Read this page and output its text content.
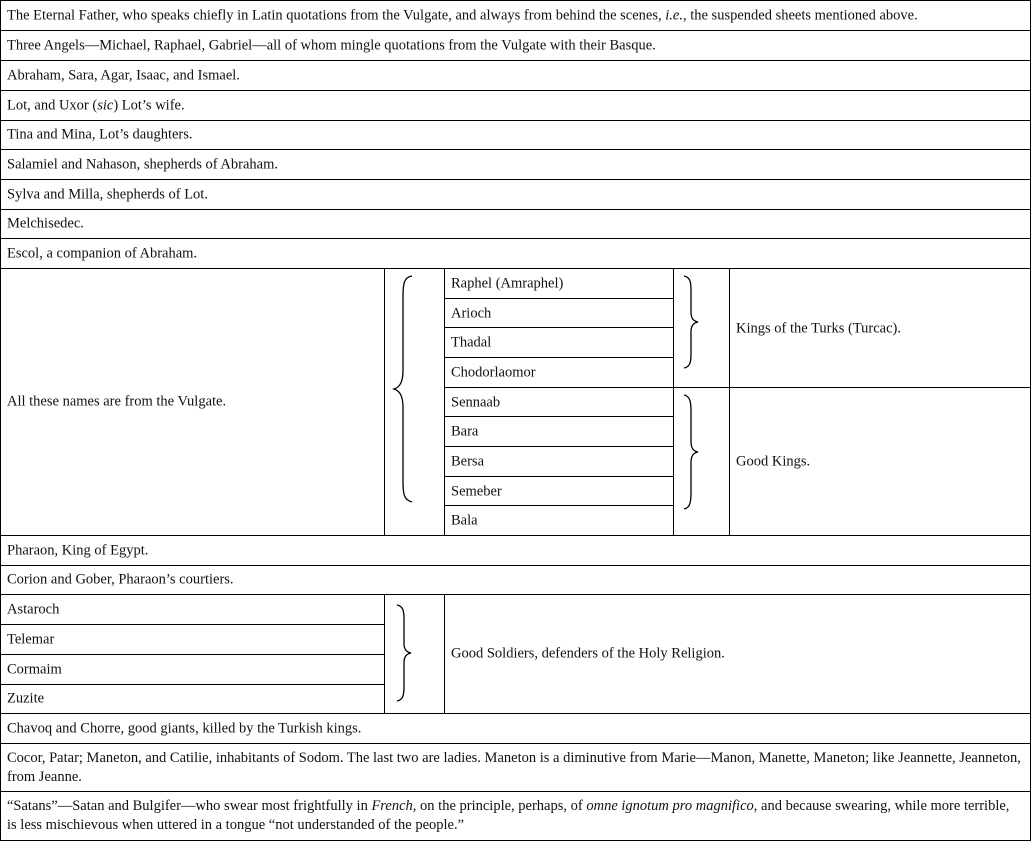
The Eternal Father, who speaks chiefly in Latin quotations from the Vulgate, and always from behind the scenes, i.e., the suspended sheets mentioned above.
Three Angels—Michael, Raphael, Gabriel—all of whom mingle quotations from the Vulgate with their Basque.
Abraham, Sara, Agar, Isaac, and Ismael.
Lot, and Uxor (sic) Lot’s wife.
Tina and Mina, Lot’s daughters.
Salamiel and Nahason, shepherds of Abraham.
Sylva and Milla, shepherds of Lot.
Melchisedec.
Escol, a companion of Abraham.
All these names are from the Vulgate.
Raphel (Amraphel)
Arioch
Thadal
Chodorlaomor
Sennaab
Bara
Bersa
Semeber
Bala
Kings of the Turks (Turcac).
Good Kings.
Pharaon, King of Egypt.
Corion and Gober, Pharaon’s courtiers.
Astaroch
Telemar
Cormaim
Zuzite
Good Soldiers, defenders of the Holy Religion.
Chavoq and Chorre, good giants, killed by the Turkish kings.
Cocor, Patar; Maneton, and Catilie, inhabitants of Sodom. The last two are ladies. Maneton is a diminutive from Marie—Manon, Manette, Maneton; like Jeannette, Jeanneton, from Jeanne.
“Satans”—Satan and Bulgifer—who swear most frightfully in French, on the principle, perhaps, of omne ignotum pro magnifico, and because swearing, while more terrible, is less mischievous when uttered in a tongue “not understanded of the people.”
